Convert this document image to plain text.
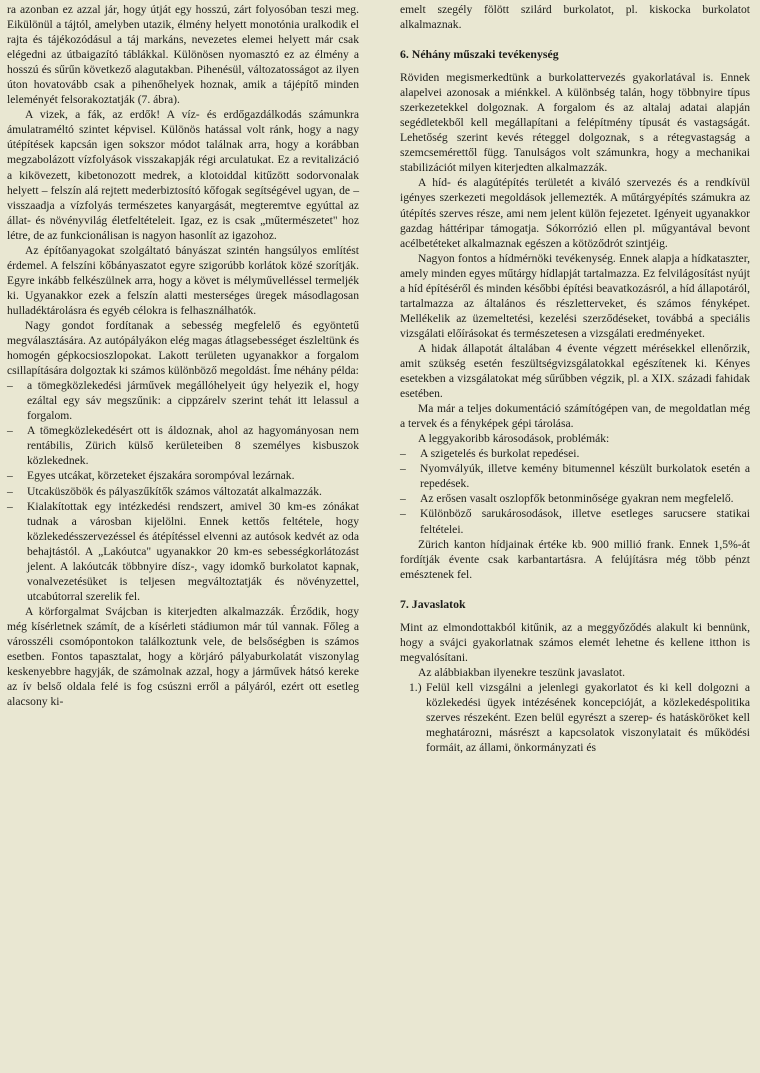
ra azonban ez azzal jár, hogy útját egy hosszú, zárt folyosóban teszi meg. Eikülönül a tájtól, amelyben utazik, élmény helyett monotónia uralkodik el rajta és tájékozódásul a táj markáns, nevezetes elemei helyett már csak elégedni az útbaigazító táblákkal. Különösen nyomasztó ez az élmény a hosszú és sűrűn következő alagutakban. Pihenésül, változatosságot az ilyen úton hovatovább csak a pihenőhelyek hoznak, amik a tájépítő minden leleményét felsorakoztatják (7. ábra).

A vizek, a fák, az erdők! A víz- és erdőgazdálkodás számunkra ámulatraméltó szintet képvisel. Különös hatással volt ránk, hogy a nagy útépítések kapcsán igen sokszor módot találnak arra, hogy a korábban megzabolázott vízfolyások visszakapják régi arculatukat. Ez a revitalizáció a kikövezett, kibetonozott medrek, a klotoiddal kitűzött sodorvonalak helyett – felszín alá rejtett mederbiztosító kőfogak segítségével ugyan, de – visszaadja a vízfolyás természetes kanyargását, megteremtve egyúttal az állat- és növényvilág életfeltételeit. Igaz, ez is csak „műtermészetet" hoz létre, de az funkcionálisan is nagyon hasonlít az igazohoz.

Az építőanyagokat szolgáltató bányászat szintén hangsúlyos említést érdemel. A felszíni kőbányaszatot egyre szigorúbb korlátok közé szorítják. Egyre inkább felkészülnek arra, hogy a követ is mélyművelléssel termeljék ki. Ugyanakkor ezek a felszín alatti mesterséges üregek másodlagosan hulladéktárolásra és egyéb célokra is felhasználhatók.

Nagy gondot fordítanak a sebesség megfelelő és egyöntetű megválasztására. Az autópályákon elég magas átlagsebességet észleltünk és homogén gépkocsioszlopokat. Lakott területen ugyanakkor a forgalom csillapítására dolgoztak ki számos különböző megoldást. Íme néhány példa:

– a tömegközlekedési járművek megállóhelyeit úgy helyezik el, hogy ezáltal egy sáv megszűnik: a cippzárelv szerint tehát itt lelassul a forgalom.

– A tömegközlekedésért ott is áldoznak, ahol az hagyományosan nem rentábilis, Zürich külső kerületeiben 8 személyes kisbuszok közlekednek.

– Egyes utcákat, körzeteket éjszakára sorompóval lezárnak.

– Utcaküszöbök és pályaszűkítők számos változatát alkalmazzák.

– Kialakítottak egy intézkedési rendszert, amivel 30 km-es zónákat tudnak a városban kijelölni. Ennek kettős feltétele, hogy közlekedésszervezéssel és átépítéssel elvenni az autósok kedvét az oda behajtástól. A „Lakóutca" ugyanakkor 20 km-es sebességkorlátozást jelent. A lakóutcák többnyire dísz-, vagy idomkő burkolatot kapnak, vonalvezetésüket is teljesen megváltoztatják és növényzettel, utcabútorral szerelik fel.

A körforgalmat Svájcban is kiterjedten alkalmazzák. Érződik, hogy még kísérletnek számít, de a kísérleti stádiumon már túl vannak. Főleg a városszéli csomópontokon találkoztunk vele, de belsőségben is számos esetben. Fontos tapasztalat, hogy a körjáró pályaburkolatát viszonylag keskenyebbre hagyják, de számolnak azzal, hogy a járművek hátsó kereke az ív belső oldala felé is fog csúszni erről a pályáról, ezért ott esetleg alacsony ki-

emelt szegély fölött szilárd burkolatot, pl. kiskocka burkolatot alkalmaznak.

6. Néhány műszaki tevékenység

Röviden megismerkedtünk a burkolattervezés gyakorlatával is. Ennek alapelvei azonosak a miénkkel. A különbség talán, hogy többnyire típus szerkezetekkel dolgoznak. A forgalom és az altalaj adatai alapján segédletekből kell megállapítani a felépítmény típusát és vastagságát. Lehetőség szerint kevés réteggel dolgoznak, s a rétegvastagság a szemcsemérettől függ. Tanulságos volt számunkra, hogy a mechanikai stabilizációt milyen kiterjedten alkalmazzák.

A híd- és alagútépítés területét a kiváló szervezés és a rendkívül igényes szerkezeti megoldások jellemezték. A műtárgyépítés számukra az útépítés szerves része, ami nem jelent külön fejezetet. Igényeit ugyanakkor gazdag háttéripar támogatja. Sókorrózió ellen pl. műgyantával bevont acélbetéteket alkalmaznak egészen a kötöződrót szintjéig.

Nagyon fontos a hídmérnöki tevékenység. Ennek alapja a hídkataszter, amely minden egyes műtárgy hídlapját tartalmazza. Ez felvilágosítást nyújt a híd építéséről és minden későbbi építési beavatkozásról, a híd állapotáról, tartalmazza az általános és részletterveket, és számos fényképet. Mellékelik az üzemeltetési, kezelési szerződéseket, továbbá a speciális vizsgálati előírásokat és természetesen a vizsgálati eredményeket.

A hidak állapotát általában 4 évente végzett mérésekkel ellenőrzik, amit szükség esetén feszültségvizsgálatokkal egészítenek ki. Kényes esetekben a vizsgálatokat még sűrűbben végzik, pl. a XIX. századi fahidak esetében.

Ma már a teljes dokumentáció számítógépen van, de megoldatlan még a tervek és a fényképek gépi tárolása.

A leggyakoribb károsodások, problémák:

– A szigetelés és burkolat repedései.

– Nyomvályúk, illetve kemény bitumennel készült burkolatok esetén a repedések.

– Az erősen vasalt oszlopfők betonminősége gyakran nem megfelelő.

– Különböző sarukárosodások, illetve esetleges sarucserе statikai feltételei.

Zürich kanton hídjainak értéke kb. 900 millió frank. Ennek 1,5%-át fordítják évente csak karbantartásra. A felújításra még több pénzt emésztenek fel.

7. Javaslatok

Mint az elmondottakból kitűnik, az a meggyőződés alakult ki bennünk, hogy a svájci gyakorlatnak számos elemét lehetne és kellene itthon is megvalósítani.

Az alábbiakban ilyenekre teszünk javaslatot.

1.) Felül kell vizsgálni a jelenlegi gyakorlatot és ki kell dolgozni a közlekedési ügyek intézésének koncepcióját, a közlekedéspolitika szerves részeként. Ezen belül egyrészt a szerep- és hatásköröket kell meghatározni, másrészt a kapcsolatok viszonylatait és működési formáit, az állami, önkormányzati és
